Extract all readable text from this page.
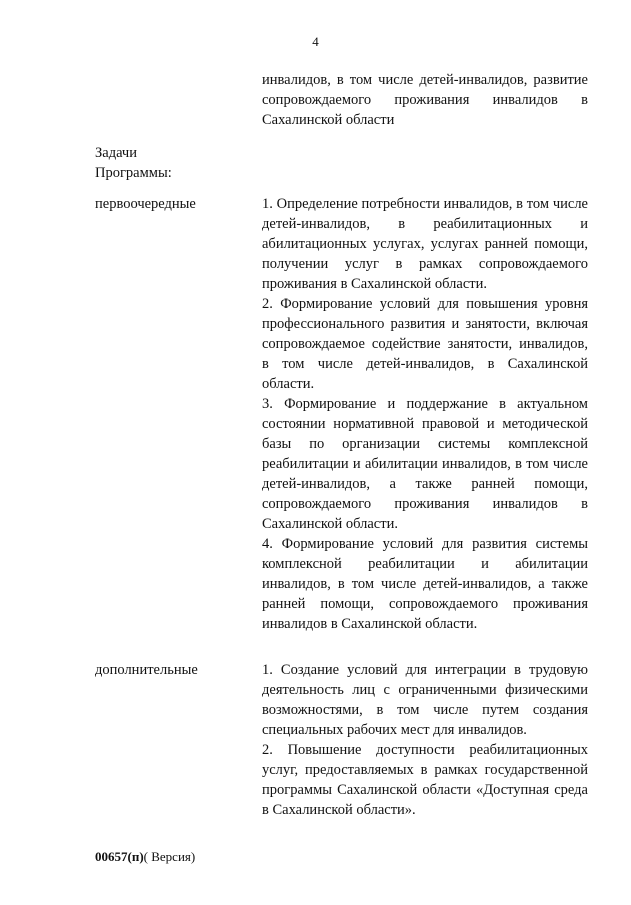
4

инвалидов, в том числе детей-инвалидов, развитие сопровождаемого проживания инвалидов в Сахалинской области

Задачи
Программы:
первоочередные	1. Определение потребности инвалидов, в том числе детей-инвалидов, в реабилитационных и абилитационных услугах, услугах ранней помощи, получении услуг в рамках сопровождаемого проживания в Сахалинской области.

2. Формирование условий для повышения уровня профессионального развития и занятости, включая сопровождаемое содействие занятости, инвалидов, в том числе детей-инвалидов, в Сахалинской области.

3. Формирование и поддержание в актуальном состоянии нормативной правовой и методической базы по организации системы комплексной реабилитации и абилитации инвалидов, в том числе детей-инвалидов, а также ранней помощи, сопровождаемого проживания инвалидов в Сахалинской области.

4. Формирование условий для развития системы комплексной реабилитации и абилитации инвалидов, в том числе детей-инвалидов, а также ранней помощи, сопровождаемого проживания инвалидов в Сахалинской области.

дополнительные	1. Создание условий для интеграции в трудовую деятельность лиц с ограниченными физическими возможностями, в том числе путем создания специальных рабочих мест для инвалидов.

2. Повышение доступности реабилитационных услуг, предоставляемых в рамках государственной программы Сахалинской области «Доступная среда в Сахалинской области».

00657(п)( Версия)
